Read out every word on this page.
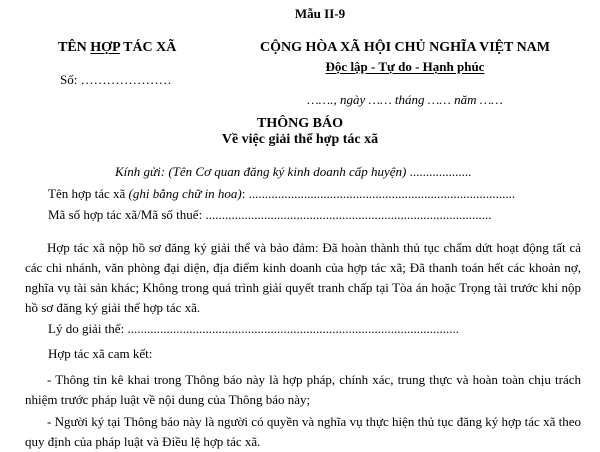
Mẫu II-9
TÊN HỢP TÁC XÃ
Số: …………………
CỘNG HÒA XÃ HỘI CHỦ NGHĨA VIỆT NAM
Độc lập - Tự do - Hạnh phúc
……., ngày …… tháng …… năm ……
THÔNG BÁO
Về việc giải thể hợp tác xã
Kính gửi: (Tên Cơ quan đăng ký kinh doanh cấp huyện) ...................
Tên hợp tác xã (ghi bằng chữ in hoa): ..................................................................................
Mã số hợp tác xã/Mã số thuế: ........................................................................................
Hợp tác xã nộp hồ sơ đăng ký giải thể và bảo đảm: Đã hoàn thành thủ tục chấm dứt hoạt động tất cả các chi nhánh, văn phòng đại diện, địa điểm kinh doanh của hợp tác xã; Đã thanh toán hết các khoản nợ, nghĩa vụ tài sản khác; Không trong quá trình giải quyết tranh chấp tại Tòa án hoặc Trọng tài trước khi nộp hồ sơ đăng ký giải thể hợp tác xã.
Lý do giải thể: ......................................................................................................
Hợp tác xã cam kết:
- Thông tin kê khai trong Thông báo này là hợp pháp, chính xác, trung thực và hoàn toàn chịu trách nhiệm trước pháp luật về nội dung của Thông báo này;
- Người ký tại Thông báo này là người có quyền và nghĩa vụ thực hiện thủ tục đăng ký hợp tác xã theo quy định của pháp luật và Điều lệ hợp tác xã.
